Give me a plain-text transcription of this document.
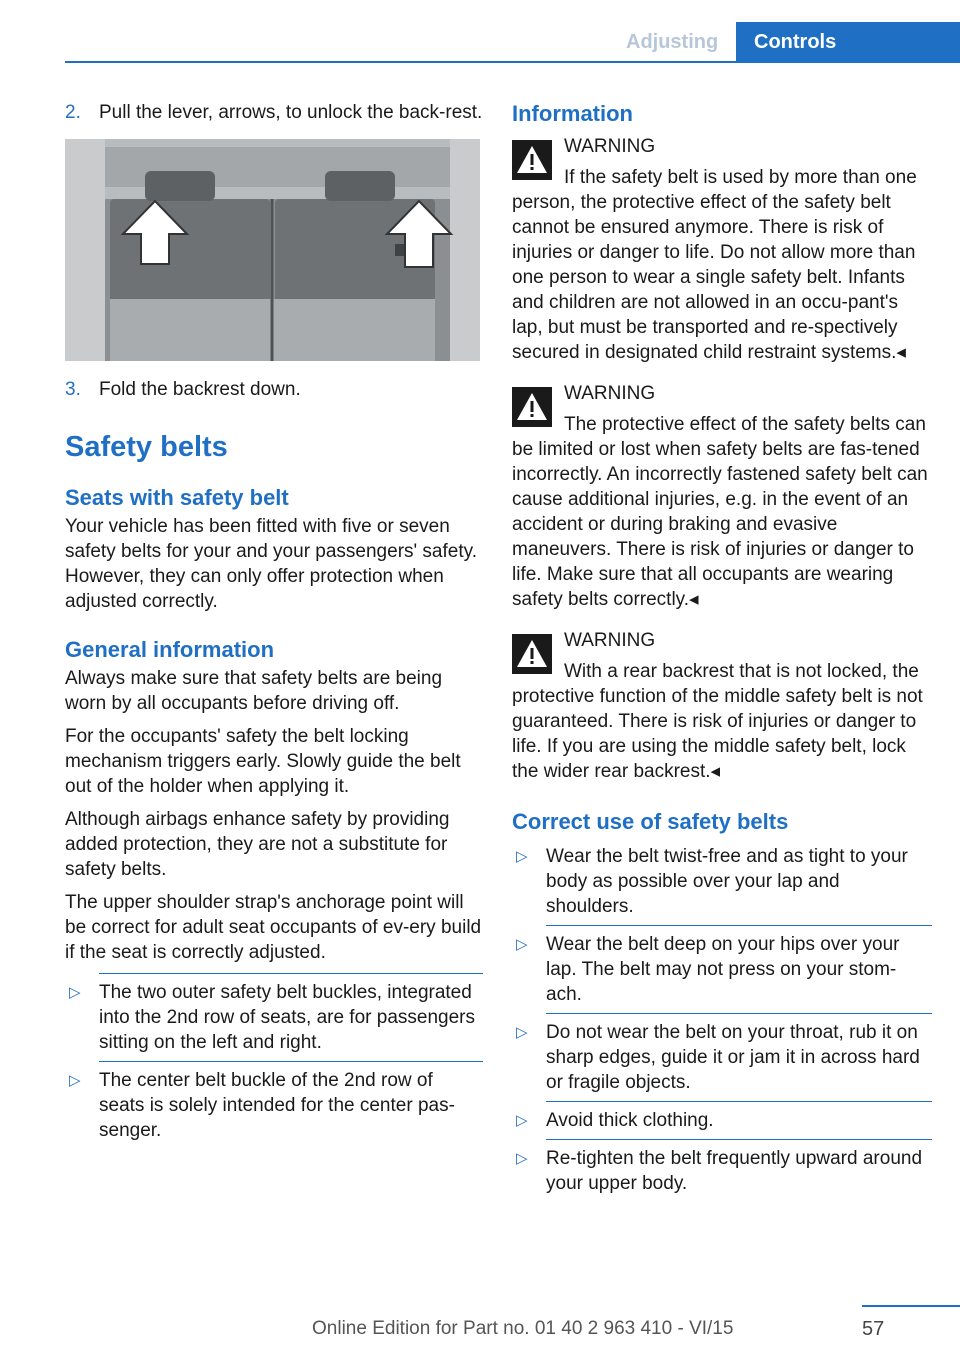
Adjusting Controls
2. Pull the lever, arrows, to unlock the back‐rest.
3. Fold the backrest down.
Safety belts
Seats with safety belt

Your vehicle has been fitted with five or seven safety belts for your and your passengers' safety. However, they can only offer protection when adjusted correctly.

General information

Always make sure that safety belts are being worn by all occupants before driving off.

For the occupants' safety the belt locking mechanism triggers early. Slowly guide the belt out of the holder when applying it.

Although airbags enhance safety by providing added protection, they are not a substitute for safety belts.

The upper shoulder strap's anchorage point will be correct for adult seat occupants of ev‐ery build if the seat is correctly adjusted.

▷ The two outer safety belt buckles, integrated into the 2nd row of seats, are for passengers sitting on the left and right.
▷ The center belt buckle of the 2nd row of seats is solely intended for the center pas‐senger.
Information
WARNING
If the safety belt is used by more than one person, the protective effect of the safety belt cannot be ensured anymore. There is risk of injuries or danger to life. Do not allow more than one person to wear a single safety belt. Infants and children are not allowed in an occu‐pant's lap, but must be transported and re‐spectively secured in designated child restraint systems.◂
WARNING
The protective effect of the safety belts can be limited or lost when safety belts are fas‐tened incorrectly. An incorrectly fastened safety belt can cause additional injuries, e.g. in the event of an accident or during braking and evasive maneuvers. There is risk of injuries or danger to life. Make sure that all occupants are wearing safety belts correctly.◂
WARNING
With a rear backrest that is not locked, the protective function of the middle safety belt is not guaranteed. There is risk of injuries or danger to life. If you are using the middle safety belt, lock the wider rear backrest.◂
Correct use of safety belts
▷ Wear the belt twist-free and as tight to your body as possible over your lap and shoulders.
▷ Wear the belt deep on your hips over your lap. The belt may not press on your stom‐ach.
▷ Do not wear the belt on your throat, rub it on sharp edges, guide it or jam it in across hard or fragile objects.
▷ Avoid thick clothing.
▷ Re-tighten the belt frequently upward around your upper body.
Online Edition for Part no. 01 40 2 963 410 - VI/15	57
